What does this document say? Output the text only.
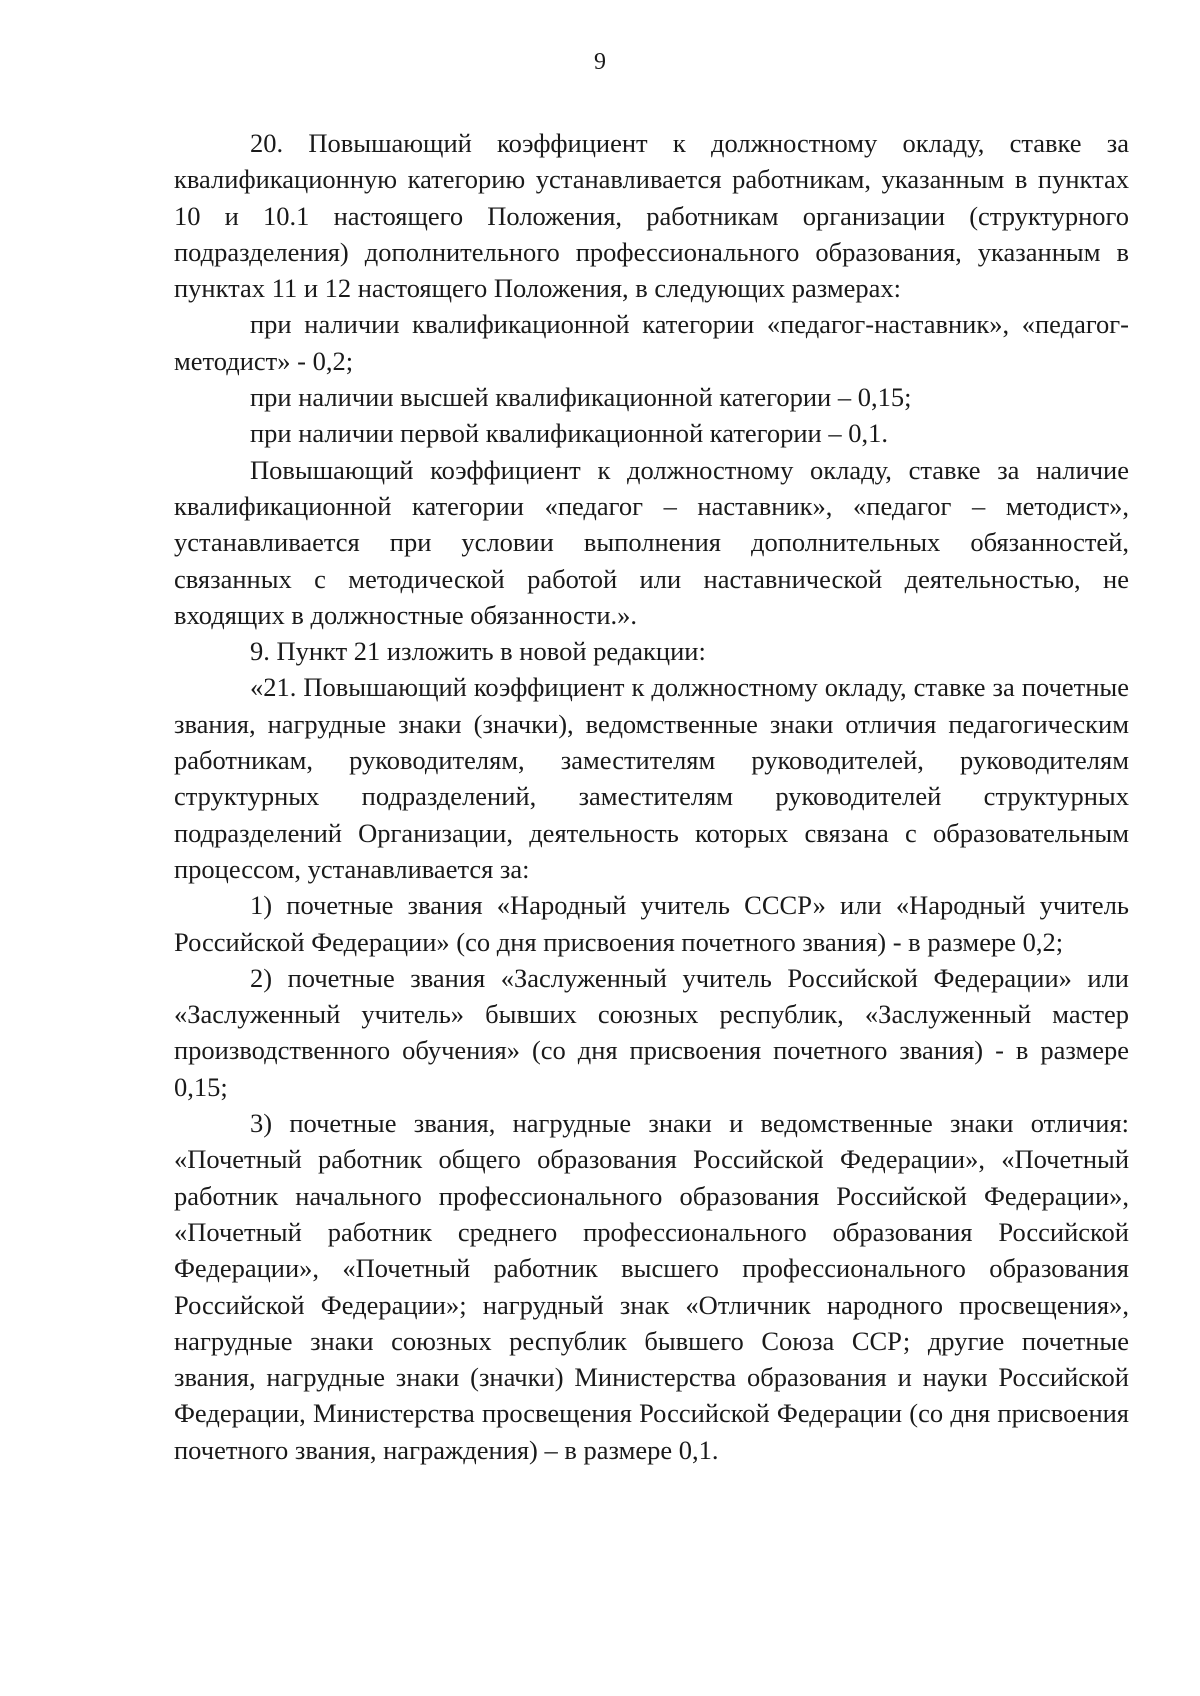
9

20. Повышающий коэффициент к должностному окладу, ставке за квалификационную категорию устанавливается работникам, указанным в пунктах 10 и 10.1 настоящего Положения, работникам организации (структурного подразделения) дополнительного профессионального образования, указанным в пунктах 11 и 12 настоящего Положения, в следующих размерах:

при наличии квалификационной категории «педагог-наставник», «педагог-методист» - 0,2;

при наличии высшей квалификационной категории – 0,15;

при наличии первой квалификационной категории – 0,1.

Повышающий коэффициент к должностному окладу, ставке за наличие квалификационной категории «педагог – наставник», «педагог – методист», устанавливается при условии выполнения дополнительных обязанностей, связанных с методической работой или наставнической деятельностью, не входящих в должностные обязанности.».

9. Пункт 21 изложить в новой редакции:

«21. Повышающий коэффициент к должностному окладу, ставке за почетные звания, нагрудные знаки (значки), ведомственные знаки отличия педагогическим работникам, руководителям, заместителям руководителей, руководителям структурных подразделений, заместителям руководителей структурных подразделений Организации, деятельность которых связана с образовательным процессом, устанавливается за:

1) почетные звания «Народный учитель СССР» или «Народный учитель Российской Федерации» (со дня присвоения почетного звания) - в размере 0,2;

2) почетные звания «Заслуженный учитель Российской Федерации» или «Заслуженный учитель» бывших союзных республик, «Заслуженный мастер производственного обучения» (со дня присвоения почетного звания) - в размере 0,15;

3) почетные звания, нагрудные знаки и ведомственные знаки отличия: «Почетный работник общего образования Российской Федерации», «Почетный работник начального профессионального образования Российской Федерации», «Почетный работник среднего профессионального образования Российской Федерации», «Почетный работник высшего профессионального образования Российской Федерации»; нагрудный знак «Отличник народного просвещения», нагрудные знаки союзных республик бывшего Союза ССР; другие почетные звания, нагрудные знаки (значки) Министерства образования и науки Российской Федерации, Министерства просвещения Российской Федерации (со дня присвоения почетного звания, награждения) – в размере 0,1.
